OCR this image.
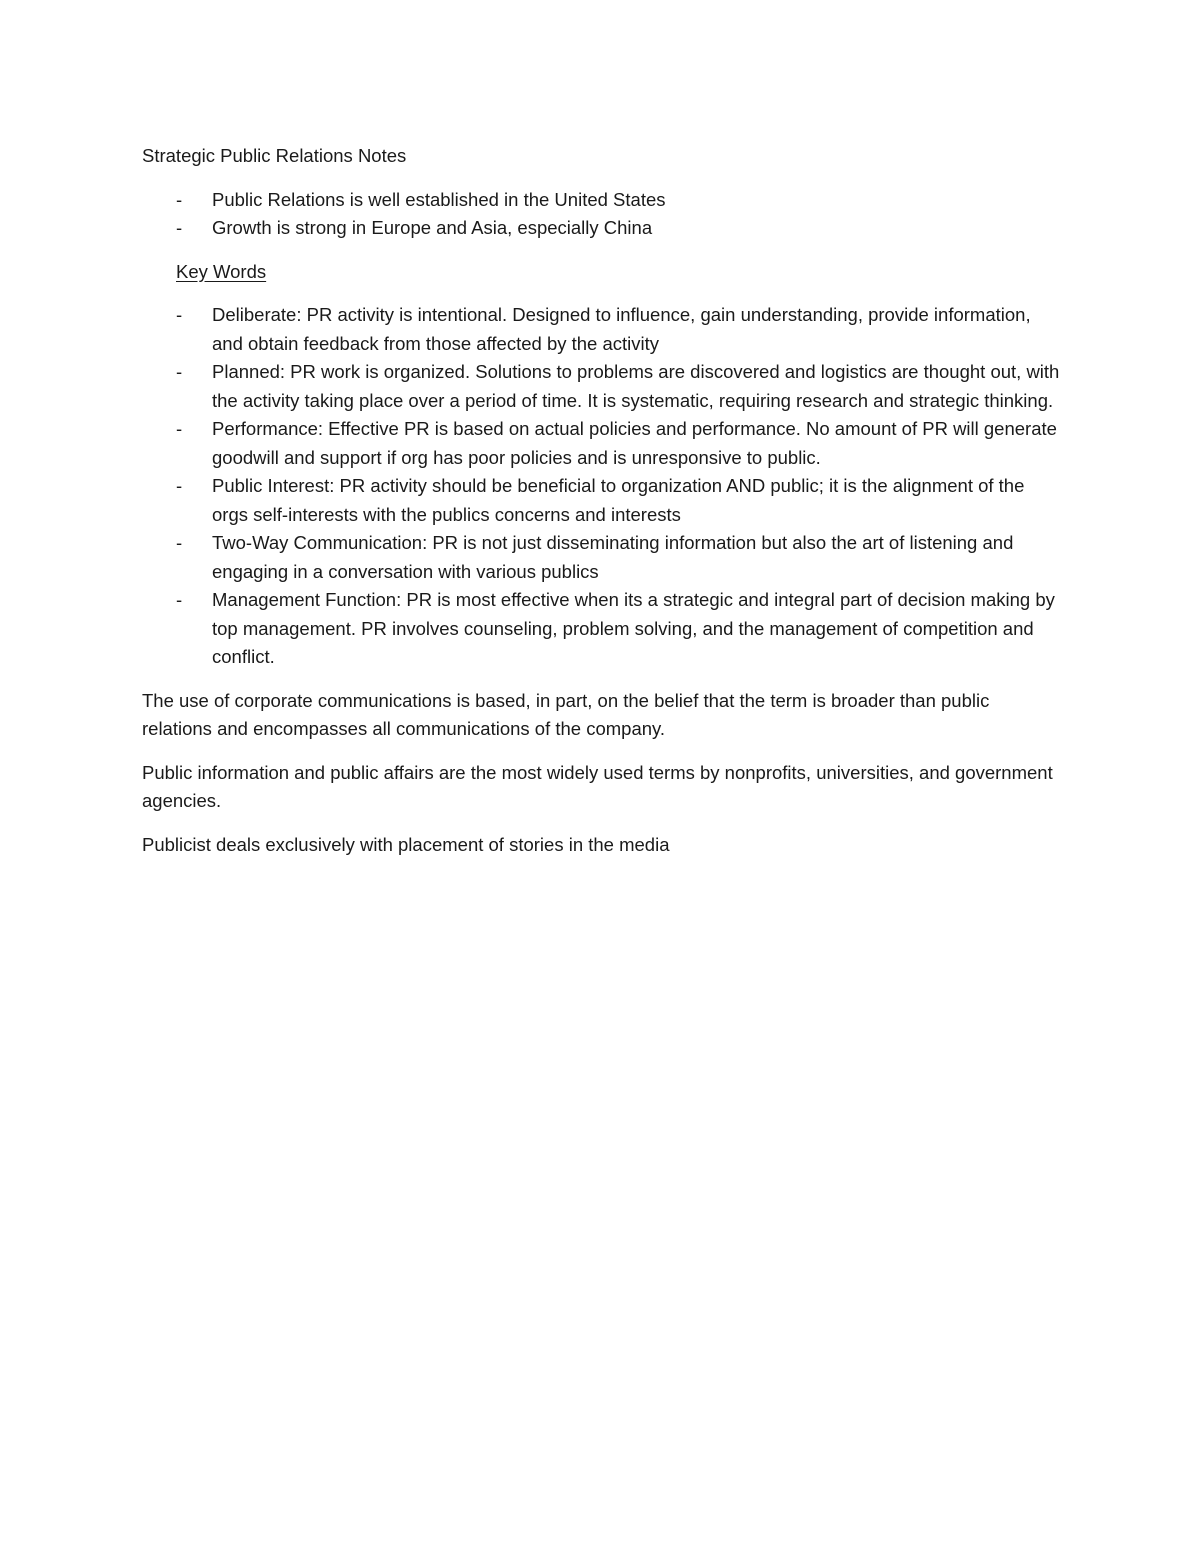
Strategic Public Relations Notes

- Public Relations is well established in the United States
- Growth is strong in Europe and Asia, especially China

Key Words

- Deliberate: PR activity is intentional. Designed to influence, gain understanding, provide information, and obtain feedback from those affected by the activity
- Planned: PR work is organized. Solutions to problems are discovered and logistics are thought out, with the activity taking place over a period of time. It is systematic, requiring research and strategic thinking.
- Performance: Effective PR is based on actual policies and performance. No amount of PR will generate goodwill and support if org has poor policies and is unresponsive to public.
- Public Interest: PR activity should be beneficial to organization AND public; it is the alignment of the orgs self-interests with the publics concerns and interests
- Two-Way Communication: PR is not just disseminating information but also the art of listening and engaging in a conversation with various publics
- Management Function: PR is most effective when its a strategic and integral part of decision making by top management. PR involves counseling, problem solving, and the management of competition and conflict.

The use of corporate communications is based, in part, on the belief that the term is broader than public relations and encompasses all communications of the company.

Public information and public affairs are the most widely used terms by nonprofits, universities, and government agencies.

Publicist deals exclusively with placement of stories in the media
